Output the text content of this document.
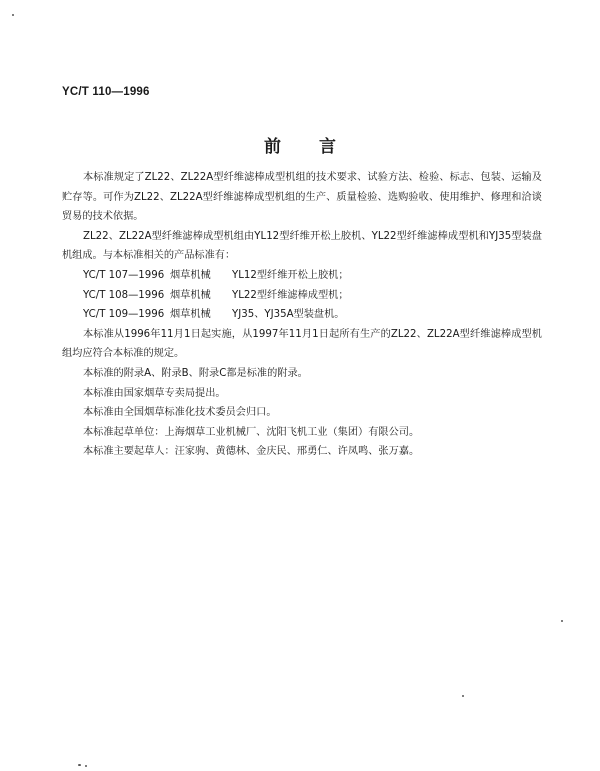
YC/T 110—1996
前言

本标准规定了ZL22、ZL22A型纤维滤棒成型机组的技术要求、试验方法、检验、标志、包装、运输及贮存等。可作为ZL22、ZL22A型纤维滤棒成型机组的生产、质量检验、选购验收、使用维护、修理和洽谈贸易的技术依据。

ZL22、ZL22A型纤维滤棒成型机组由YL12型纤维开松上胶机、YL22型纤维滤棒成型机和YJ35型装盘机组成。与本标准相关的产品标准有：

YC/T 107—1996 烟草机械 YL12型纤维开松上胶机；

YC/T 108—1996 烟草机械 YL22型纤维滤棒成型机；

YC/T 109—1996 烟草机械 YJ35、YJ35A型装盘机。

本标准从1996年11月1日起实施，从1997年11月1日起所有生产的ZL22、ZL22A型纤维滤棒成型机组均应符合本标准的规定。

本标准的附录A、附录B、附录C都是标准的附录。

本标准由国家烟草专卖局提出。

本标准由全国烟草标准化技术委员会归口。

本标准起草单位：上海烟草工业机械厂、沈阳飞机工业（集团）有限公司。

本标准主要起草人：汪家驹、黄德林、金庆民、邢勇仁、许凤鸣、张万嘉。
